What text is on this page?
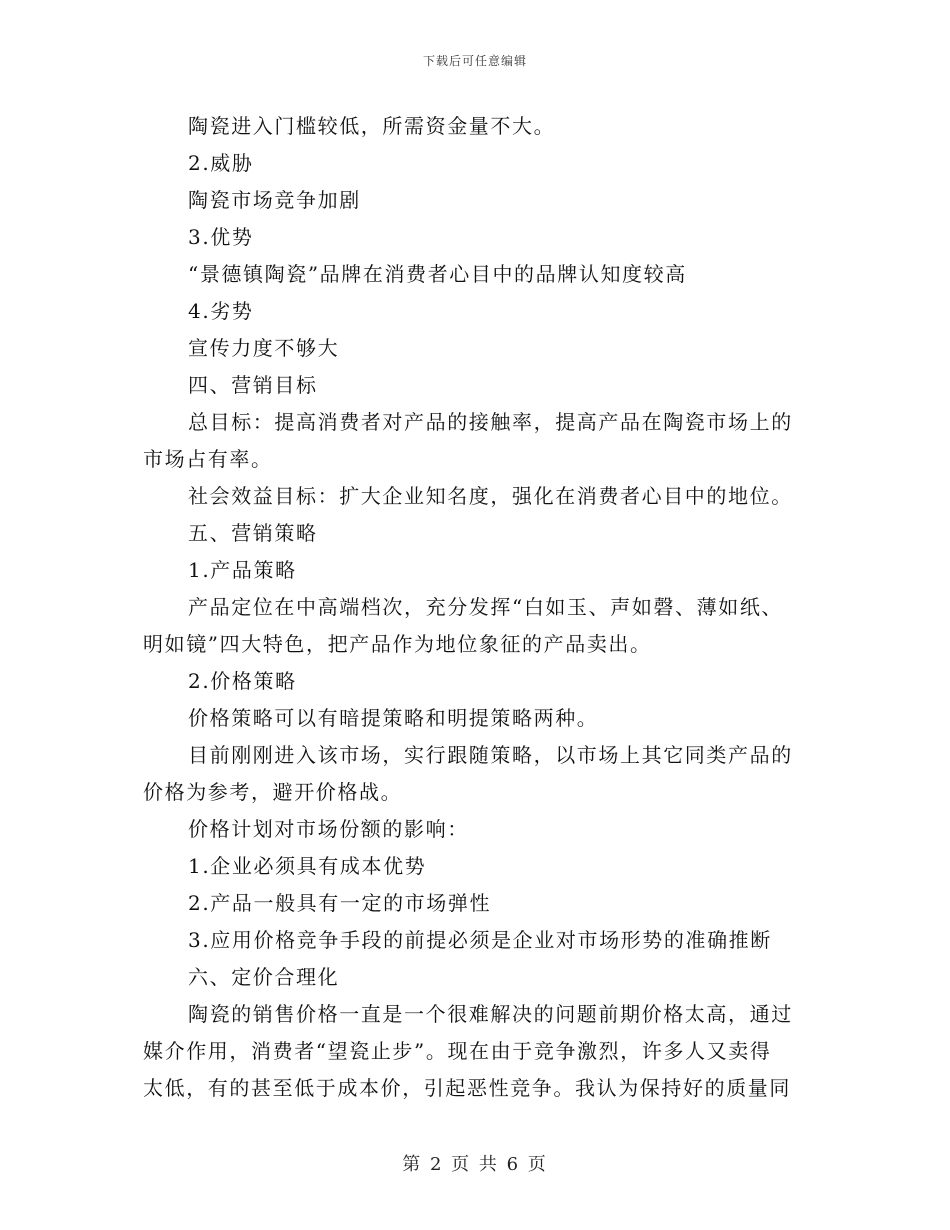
下载后可任意编辑

陶瓷进入门槛较低，所需资金量不大。

2.威胁

陶瓷市场竞争加剧

3.优势

“景德镇陶瓷”品牌在消费者心目中的品牌认知度较高

4.劣势

宣传力度不够大

四、营销目标

总目标：提高消费者对产品的接触率，提高产品在陶瓷市场上的

市场占有率。

社会效益目标：扩大企业知名度，强化在消费者心目中的地位。

五、营销策略

1.产品策略

产品定位在中高端档次，充分发挥“白如玉、声如磬、薄如纸、

明如镜”四大特色，把产品作为地位象征的产品卖出。

2.价格策略

价格策略可以有暗提策略和明提策略两种。

目前刚刚进入该市场，实行跟随策略，以市场上其它同类产品的

价格为参考，避开价格战。

价格计划对市场份额的影响：

1.企业必须具有成本优势

2.产品一般具有一定的市场弹性

3.应用价格竞争手段的前提必须是企业对市场形势的准确推断

六、定价合理化

陶瓷的销售价格一直是一个很难解决的问题前期价格太高，通过

媒介作用，消费者“望瓷止步”。现在由于竞争激烈，许多人又卖得

太低，有的甚至低于成本价，引起恶性竞争。我认为保持好的质量同

第 2 页 共 6 页
